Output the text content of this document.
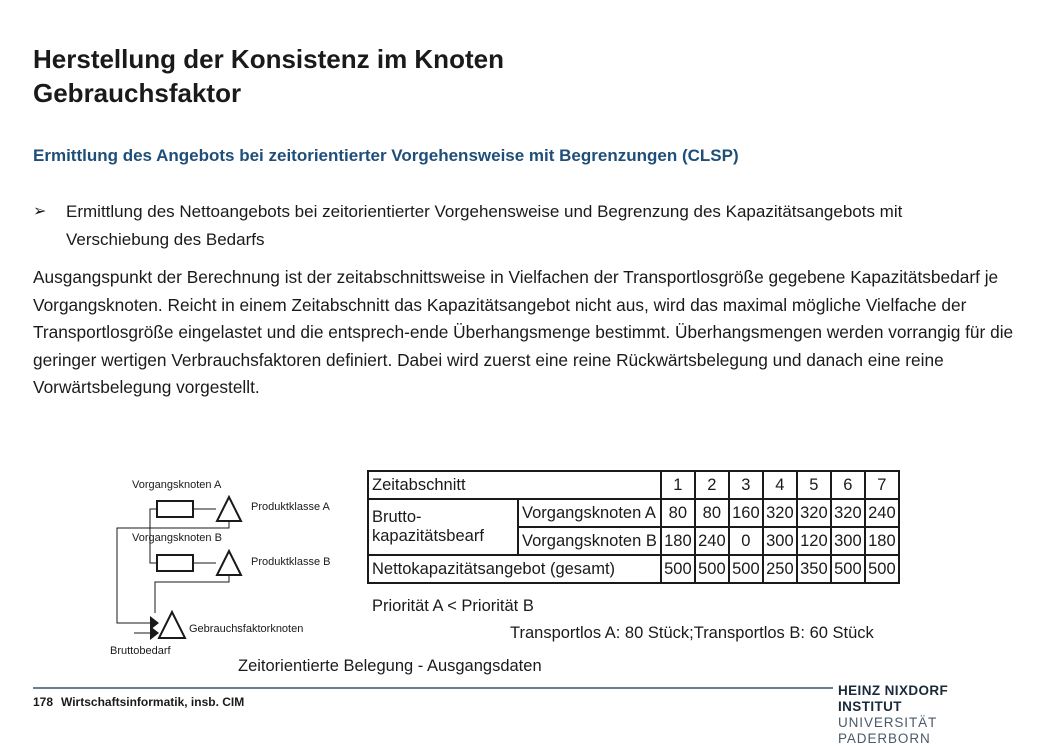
Herstellung der Konsistenz im Knoten
Gebrauchsfaktor
Ermittlung des Angebots bei zeitorientierter Vorgehensweise mit Begrenzungen (CLSP)
➢ Ermittlung des Nettoangebots bei zeitorientierter Vorgehensweise und Begrenzung des Kapazitätsangebots mit Verschiebung des Bedarfs
Ausgangspunkt der Berechnung ist der zeitabschnittsweise in Vielfachen der Transportlosgröße gegebene Kapazitätsbedarf je Vorgangsknoten. Reicht in einem Zeitabschnitt das Kapazitätsangebot nicht aus, wird das maximal mögliche Vielfache der Transportlosgröße eingelastet und die entsprech-ende Überhangsmenge bestimmt. Überhangsmengen werden vorrangig für die geringer wertigen Verbrauchsfaktoren definiert. Dabei wird zuerst eine reine Rückwärtsbelegung und danach eine reine Vorwärtsbelegung vorgestellt.
Vorgangsknoten A
Produktklasse A
Vorgangsknoten B
Produktklasse B
Gebrauchsfaktorknoten
Bruttobedarf
Zeitabschnitt		1	2	3	4	5	6	7

Brutto-
kapazitätsbearf	Vorgangsknoten A	80	80	160	320	320	320	240
	Vorgangsknoten B	180	240	0	300	120	300	180
Nettokapazitätsangebot (gesamt)		500	500	500	250	350	500	500
Priorität A < Priorität B
Transportlos A: 80 Stück;Transportlos B: 60 Stück
Zeitorientierte Belegung - Ausgangsdaten
178 Wirtschaftsinformatik, insb. CIM
HEINZ NIXDORF INSTITUT
UNIVERSITÄT PADERBORN
